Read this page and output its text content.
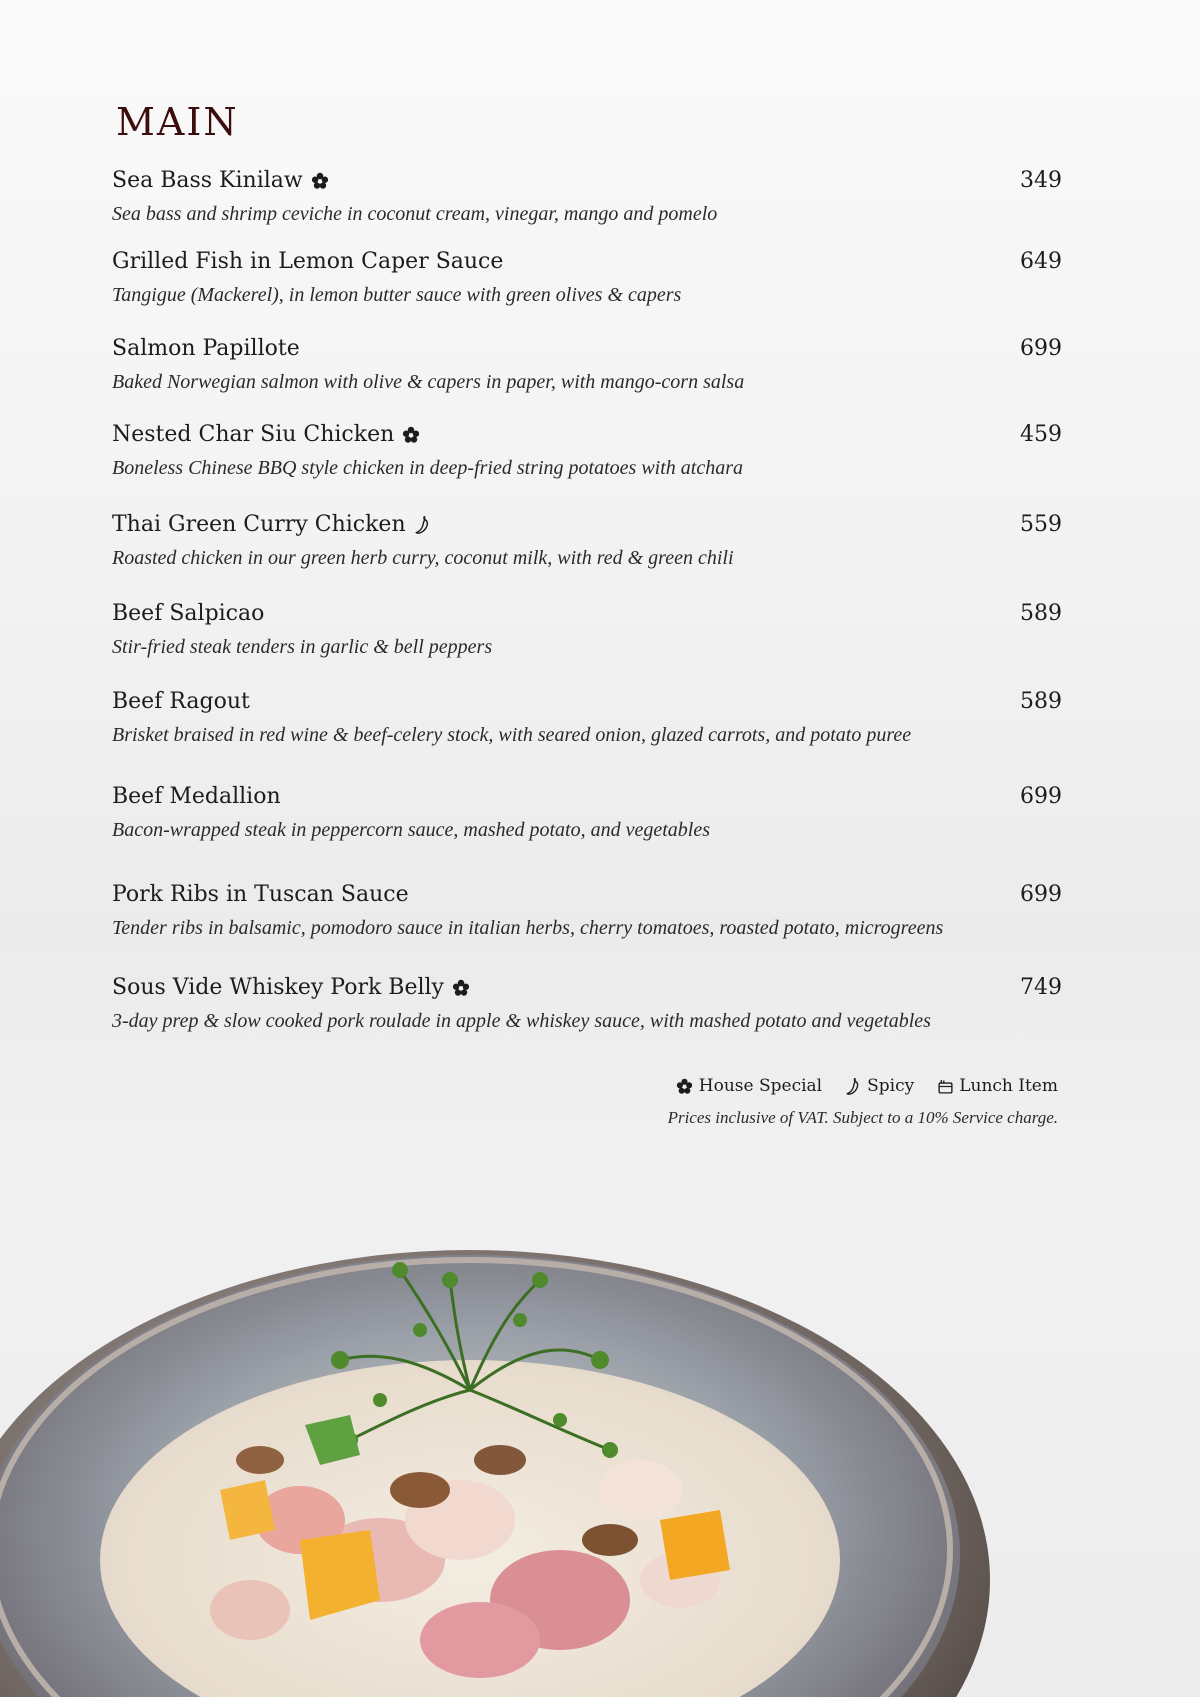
MAIN
Sea Bass Kinilaw	349
Sea bass and shrimp ceviche in coconut cream, vinegar, mango and pomelo
Grilled Fish in Lemon Caper Sauce	649
Tangigue (Mackerel), in lemon butter sauce with green olives & capers
Salmon Papillote	699
Baked Norwegian salmon with olive & capers in paper, with mango-corn salsa
Nested Char Siu Chicken	459
Boneless Chinese BBQ style chicken in deep-fried string potatoes with atchara
Thai Green Curry Chicken	559
Roasted chicken in our green herb curry, coconut milk, with red & green chili
Beef Salpicao	589
Stir-fried steak tenders in garlic & bell peppers
Beef Ragout	589
Brisket braised in red wine & beef-celery stock, with seared onion, glazed carrots, and potato puree
Beef Medallion	699
Bacon-wrapped steak in peppercorn sauce, mashed potato, and vegetables
Pork Ribs in Tuscan Sauce	699
Tender ribs in balsamic, pomodoro sauce in italian herbs, cherry tomatoes, roasted potato, microgreens
Sous Vide Whiskey Pork Belly	749
3-day prep & slow cooked pork roulade in apple & whiskey sauce, with mashed potato and vegetables
House Special	Spicy	Lunch Item
Prices inclusive of VAT. Subject to a 10% Service charge.
